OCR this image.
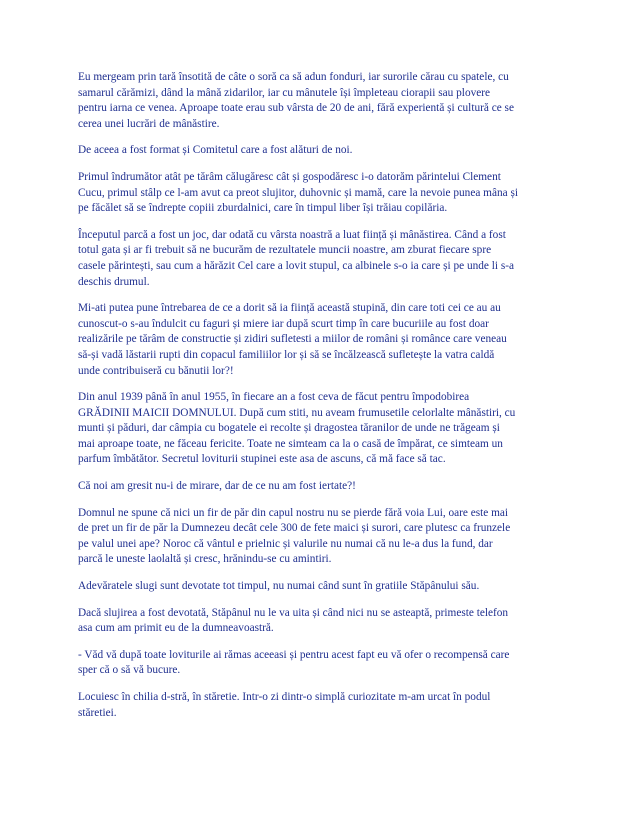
Eu mergeam prin tară însotită de câte o soră ca să adun fonduri, iar surorile cărau cu spatele, cu
samarul cărămizi, dând la mână zidarilor, iar cu mânutele își împleteau ciorapii sau plovere
pentru iarna ce venea. Aproape toate erau sub vârsta de 20 de ani, fără experientă și cultură ce se
cerea unei lucrări de mânăstire.

De aceea a fost format și Comitetul care a fost alături de noi.

Primul îndrumător atât pe tărâm călugăresc cât și gospodăresc i-o datorăm părintelui Clement
Cucu, primul stâlp ce l-am avut ca preot slujitor, duhovnic și mamă, care la nevoie punea mâna și
pe făcălet să se îndrepte copiii zburdalnici, care în timpul liber își trăiau copilăria.

Începutul parcă a fost un joc, dar odată cu vârsta noastră a luat ființă și mânăstirea. Când a fost
totul gata și ar fi trebuit să ne bucurăm de rezultatele muncii noastre, am zburat fiecare spre
casele părintești, sau cum a hărăzit Cel care a lovit stupul, ca albinele s-o ia care și pe unde li s-a
deschis drumul.

Mi-ati putea pune întrebarea de ce a dorit să ia ființă această stupină, din care toti cei ce au au
cunoscut-o s-au îndulcit cu faguri și miere iar după scurt timp în care bucuriile au fost doar
realizările pe tărâm de constructie și zidiri sufletesti a miilor de români și românce care veneau
să-și vadă lăstarii rupti din copacul familiilor lor și să se încălzească sufletește la vatra caldă
unde contribuiseră cu bănutii lor?!

Din anul 1939 până în anul 1955, în fiecare an a fost ceva de făcut pentru împodobirea
GRĂDINII MAICII DOMNULUI. După cum stiti, nu aveam frumusetile celorlalte mânăstiri, cu
munti și păduri, dar câmpia cu bogatele ei recolte și dragostea tăranilor de unde ne trăgeam și
mai aproape toate, ne făceau fericite. Toate ne simteam ca la o casă de împărat, ce simteam un
parfum îmbătător. Secretul loviturii stupinei este asa de ascuns, că mă face să tac.

Că noi am gresit nu-i de mirare, dar de ce nu am fost iertate?!

Domnul ne spune că nici un fir de păr din capul nostru nu se pierde fără voia Lui, oare este mai
de pret un fir de păr la Dumnezeu decât cele 300 de fete maici și surori, care plutesc ca frunzele
pe valul unei ape? Noroc că vântul e prielnic și valurile nu numai că nu le-a dus la fund, dar
parcă le uneste laolaltă și cresc, hrănindu-se cu amintiri.

Adevăratele slugi sunt devotate tot timpul, nu numai când sunt în gratiile Stăpânului său.

Dacă slujirea a fost devotată, Stăpânul nu le va uita și când nici nu se asteaptă, primeste telefon
asa cum am primit eu de la dumneavoastră.

- Văd vă după toate loviturile ai rămas aceeasi și pentru acest fapt eu vă ofer o recompensă care
sper că o să vă bucure.

Locuiesc în chilia d-stră, în stăretie. Intr-o zi dintr-o simplă curiozitate m-am urcat în podul
stăretiei.
